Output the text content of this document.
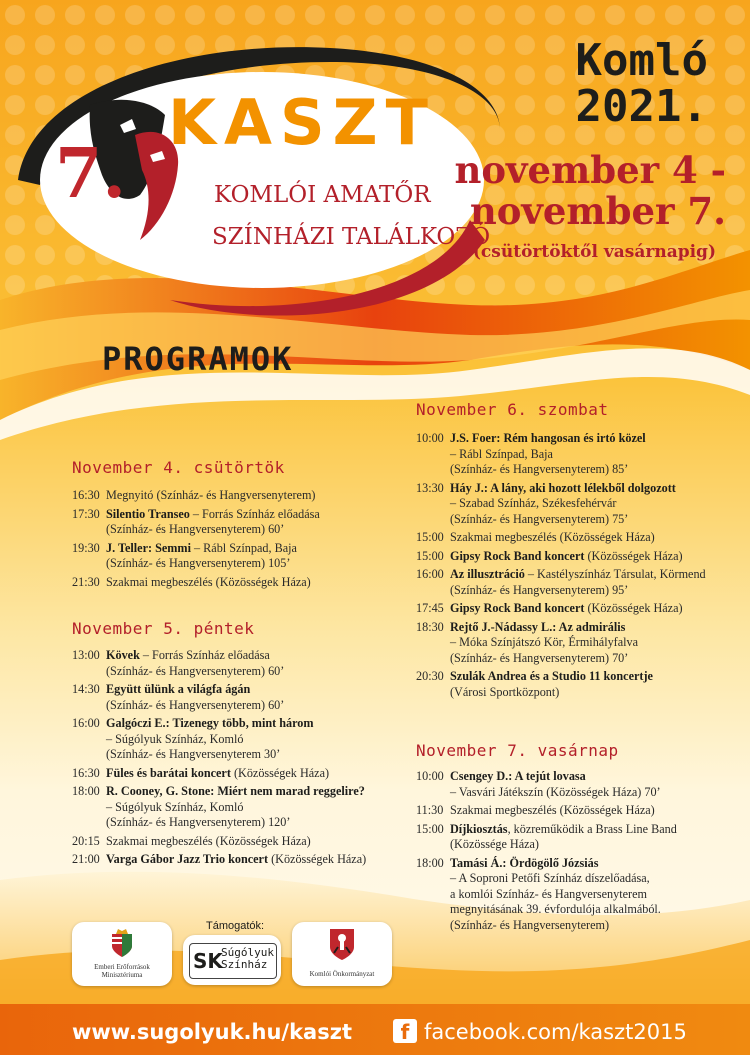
7.
KASZT
KOMLÓI AMATŐR
SZÍNHÁZI TALÁLKOZÓ
Komló
2021.
november 4 -
november 7.
(csütörtöktől vasárnapig)
PROGRAMOK
November 4. csütörtök
November 5. péntek
November 6. szombat
November 7. vasárnap
16:30 Megnyitó (Színház- és Hangversenyterem)
17:30 Silentio Transeo – Forrás Színház előadása
(Színház- és Hangversenyterem) 60’
19:30 J. Teller: Semmi – Rábl Színpad, Baja
(Színház- és Hangversenyterem) 105’
21:30 Szakmai megbeszélés (Közösségek Háza)
13:00 Kövek – Forrás Színház előadása
(Színház- és Hangversenyterem) 60’
14:30 Együtt ülünk a világfa ágán
(Színház- és Hangversenyterem) 60’
16:00 Galgóczi E.: Tizenegy több, mint három
– Súgólyuk Színház, Komló
(Színház- és Hangversenyterem 30’
16:30 Füles és barátai koncert (Közösségek Háza)
18:00 R. Cooney, G. Stone: Miért nem marad reggelire?
– Súgólyuk Színház, Komló
(Színház- és Hangversenyterem) 120’
20:15 Szakmai megbeszélés (Közösségek Háza)
21:00 Varga Gábor Jazz Trio koncert (Közösségek Háza)
10:00 J.S. Foer: Rém hangosan és irtó közel
– Rábl Színpad, Baja
(Színház- és Hangversenyterem) 85’
13:30 Háy J.: A lány, aki hozott lélekből dolgozott
– Szabad Színház, Székesfehérvár
(Színház- és Hangversenyterem) 75’
15:00 Szakmai megbeszélés (Közösségek Háza)
15:00 Gipsy Rock Band koncert (Közösségek Háza)
16:00 Az illusztráció – Kastélyszínház Társulat, Körmend
(Színház- és Hangversenyterem) 95’
17:45 Gipsy Rock Band koncert (Közösségek Háza)
18:30 Rejtő J.-Nádassy L.: Az admirális
– Móka Színjátszó Kör, Érmihályfalva
(Színház- és Hangversenyterem) 70’
20:30 Szulák Andrea és a Studio 11 koncertje
(Városi Sportközpont)
10:00 Csengey D.: A tejút lovasa
– Vasvári Játékszín (Közösségek Háza) 70’
11:30 Szakmai megbeszélés (Közösségek Háza)
15:00 Díjkiosztás, közreműködik a Brass Line Band
(Közössége Háza)
18:00 Tamási Á.: Ördögölő Józsiás
– A Soproni Petőfi Színház díszelőadása,
a komlói Színház- és Hangversenyterem
megnyitásának 39. évfordulója alkalmából.
(Színház- és Hangversenyterem)
Támogatók:
Emberi Erőforrások
Minisztériuma
SK
Súgólyuk
Színház
Komlói Önkormányzat
www.sugolyuk.hu/kaszt	f facebook.com/kaszt2015
